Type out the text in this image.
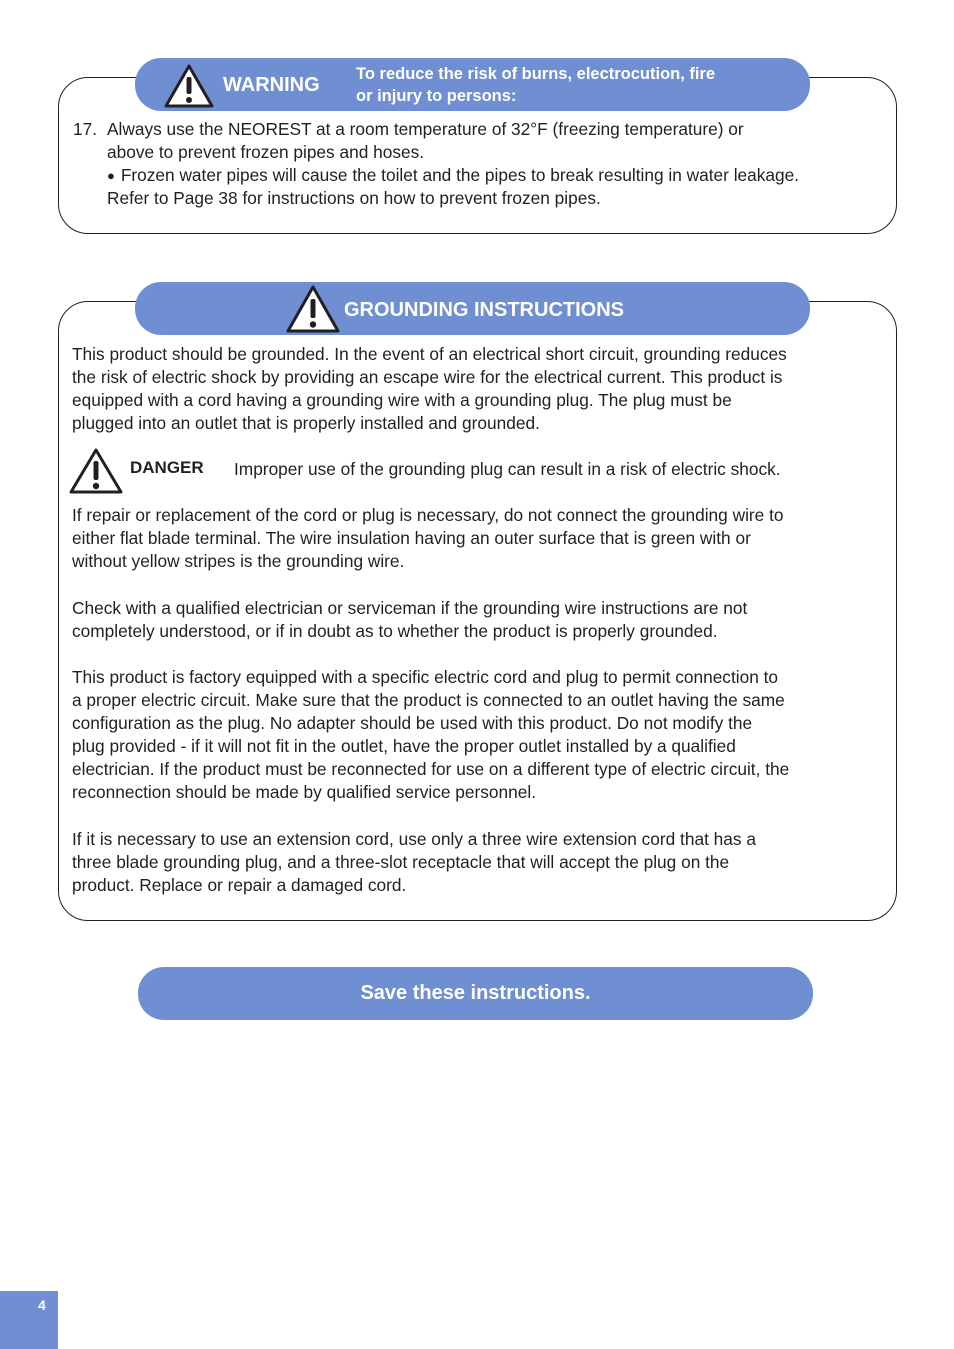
WARNING To reduce the risk of burns, electrocution, fire
or injury to persons:
17. Always use the NEOREST at a room temperature of 32°F (freezing temperature) or
above to prevent frozen pipes and hoses.
● Frozen water pipes will cause the toilet and the pipes to break resulting in water leakage.
Refer to Page 38 for instructions on how to prevent frozen pipes.
GROUNDING INSTRUCTIONS
This product should be grounded. In the event of an electrical short circuit, grounding reduces
the risk of electric shock by providing an escape wire for the electrical current. This product is
equipped with a cord having a grounding wire with a grounding plug. The plug must be
plugged into an outlet that is properly installed and grounded.
DANGER Improper use of the grounding plug can result in a risk of electric shock.
If repair or replacement of the cord or plug is necessary, do not connect the grounding wire to
either flat blade terminal. The wire insulation having an outer surface that is green with or
without yellow stripes is the grounding wire.
Check with a qualified electrician or serviceman if the grounding wire instructions are not
completely understood, or if in doubt as to whether the product is properly grounded.
This product is factory equipped with a specific electric cord and plug to permit connection to
a proper electric circuit. Make sure that the product is connected to an outlet having the same
configuration as the plug. No adapter should be used with this product. Do not modify the
plug provided - if it will not fit in the outlet, have the proper outlet installed by a qualified
electrician. If the product must be reconnected for use on a different type of electric circuit, the
reconnection should be made by qualified service personnel.
If it is necessary to use an extension cord, use only a three wire extension cord that has a
three blade grounding plug, and a three-slot receptacle that will accept the plug on the
product. Replace or repair a damaged cord.
Save these instructions.
4
